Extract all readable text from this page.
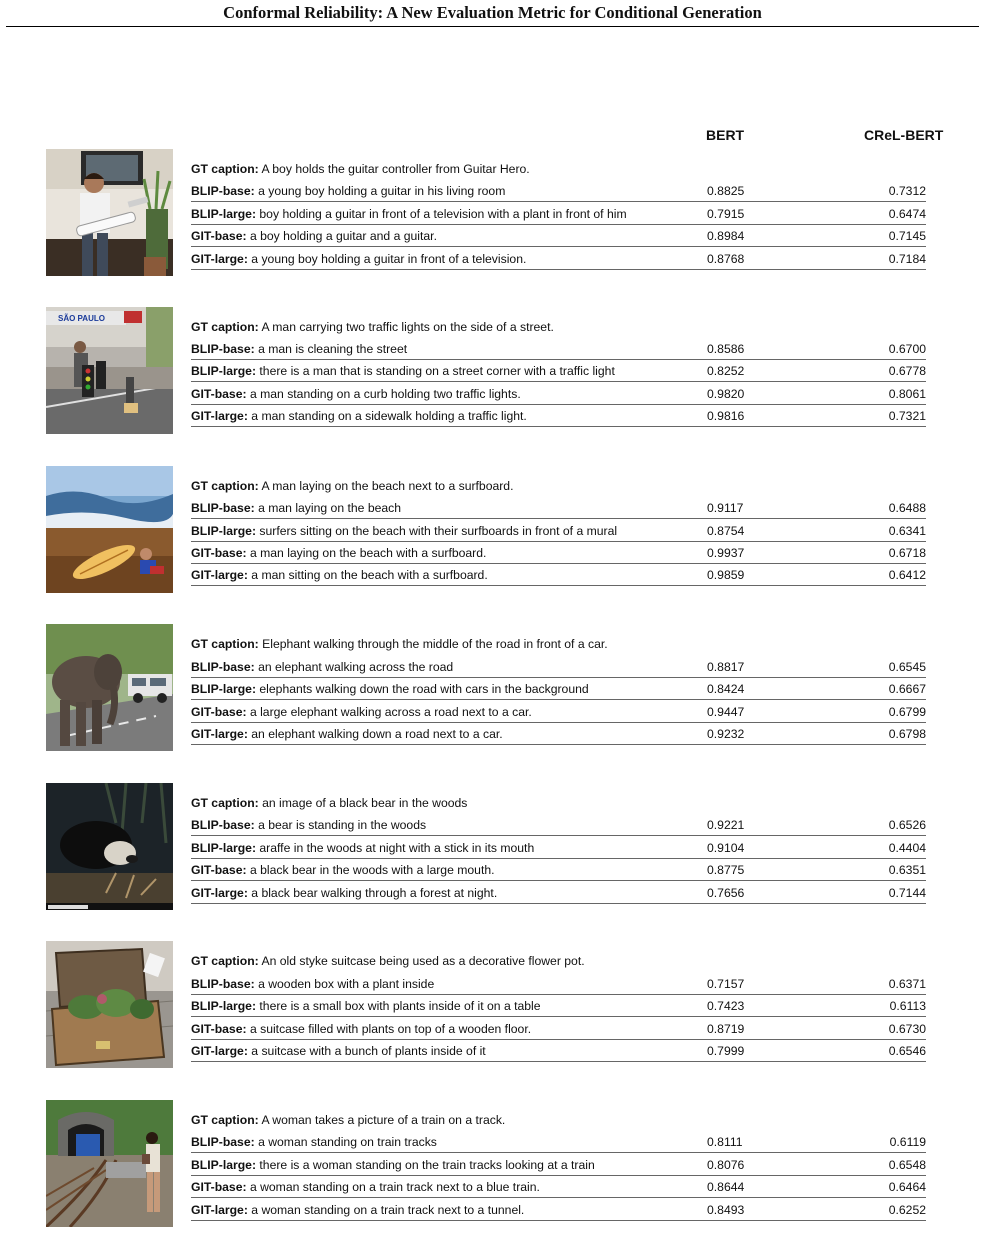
Conformal Reliability: A New Evaluation Metric for Conditional Generation
BERT	CReL-BERT
GT caption: A boy holds the guitar controller from Guitar Hero.
BLIP-base: a young boy holding a guitar in his living room	0.8825	0.7312
BLIP-large: boy holding a guitar in front of a television with a plant in front of him	0.7915	0.6474
GIT-base: a boy holding a guitar and a guitar.	0.8984	0.7145
GIT-large: a young boy holding a guitar in front of a television.	0.8768	0.7184
SÃO PAULO
GT caption: A man carrying two traffic lights on the side of a street.
BLIP-base: a man is cleaning the street	0.8586	0.6700
BLIP-large: there is a man that is standing on a street corner with a traffic light	0.8252	0.6778
GIT-base: a man standing on a curb holding two traffic lights.	0.9820	0.8061
GIT-large: a man standing on a sidewalk holding a traffic light.	0.9816	0.7321
GT caption: A man laying on the beach next to a surfboard.
BLIP-base: a man laying on the beach	0.9117	0.6488
BLIP-large: surfers sitting on the beach with their surfboards in front of a mural	0.8754	0.6341
GIT-base: a man laying on the beach with a surfboard.	0.9937	0.6718
GIT-large: a man sitting on the beach with a surfboard.	0.9859	0.6412
GT caption: Elephant walking through the middle of the road in front of a car.
BLIP-base: an elephant walking across the road	0.8817	0.6545
BLIP-large: elephants walking down the road with cars in the background	0.8424	0.6667
GIT-base: a large elephant walking across a road next to a car.	0.9447	0.6799
GIT-large: an elephant walking down a road next to a car.	0.9232	0.6798
GT caption: an image of a black bear in the woods
BLIP-base: a bear is standing in the woods	0.9221	0.6526
BLIP-large: araffe in the woods at night with a stick in its mouth	0.9104	0.4404
GIT-base: a black bear in the woods with a large mouth.	0.8775	0.6351
GIT-large: a black bear walking through a forest at night.	0.7656	0.7144
GT caption: An old styke suitcase being used as a decorative flower pot.
BLIP-base: a wooden box with a plant inside	0.7157	0.6371
BLIP-large: there is a small box with plants inside of it on a table	0.7423	0.6113
GIT-base: a suitcase filled with plants on top of a wooden floor.	0.8719	0.6730
GIT-large: a suitcase with a bunch of plants inside of it	0.7999	0.6546
GT caption: A woman takes a picture of a train on a track.
BLIP-base: a woman standing on train tracks	0.8111	0.6119
BLIP-large: there is a woman standing on the train tracks looking at a train	0.8076	0.6548
GIT-base: a woman standing on a train track next to a blue train.	0.8644	0.6464
GIT-large: a woman standing on a train track next to a tunnel.	0.8493	0.6252
